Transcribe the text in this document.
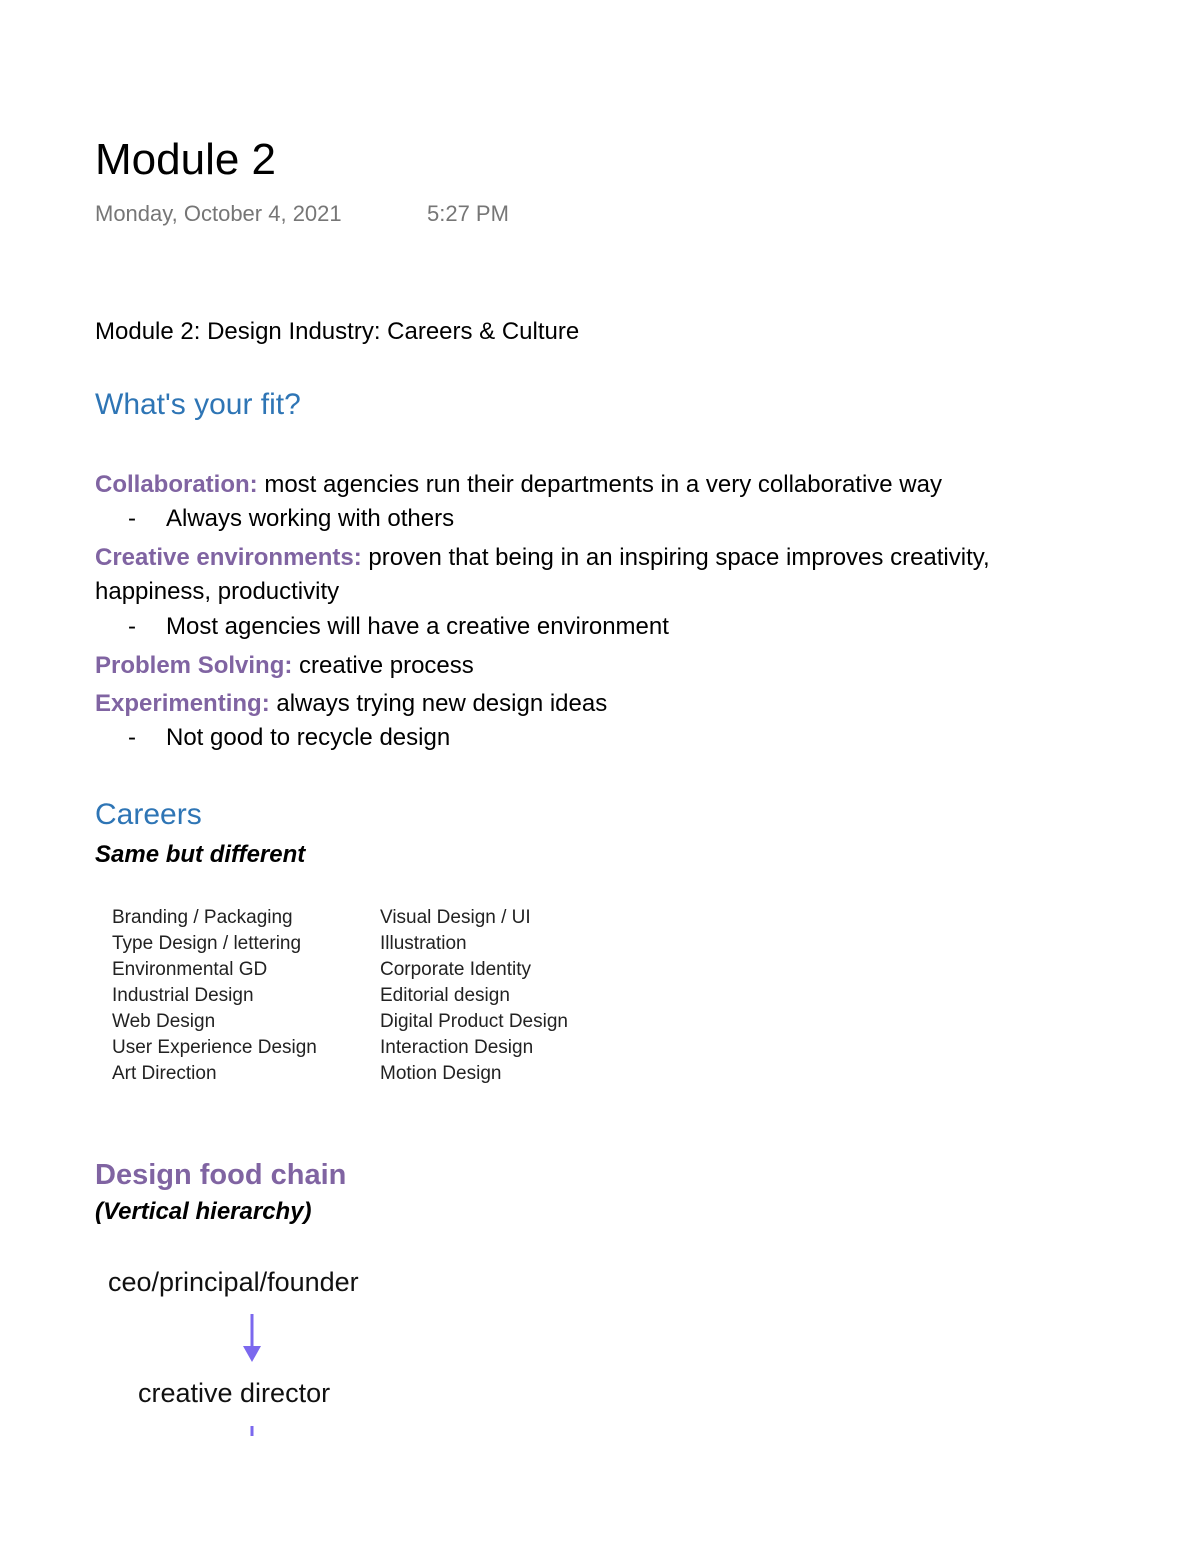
Module 2
Monday, October 4, 2021	5:27 PM
Module 2: Design Industry: Careers & Culture
What's your fit?
Collaboration: most agencies run their departments in a very collaborative way
- Always working with others
Creative environments: proven that being in an inspiring space improves creativity, happiness, productivity
- Most agencies will have a creative environment
Problem Solving: creative process
Experimenting: always trying new design ideas
- Not good to recycle design
Careers
Same but different
Branding / Packaging
Type Design / lettering
Environmental GD
Industrial Design
Web Design
User Experience Design
Art Direction
Visual Design / UI
Illustration
Corporate Identity
Editorial design
Digital Product Design
Interaction Design
Motion Design
Design food chain
(Vertical hierarchy)
ceo/principal/founder
creative director
